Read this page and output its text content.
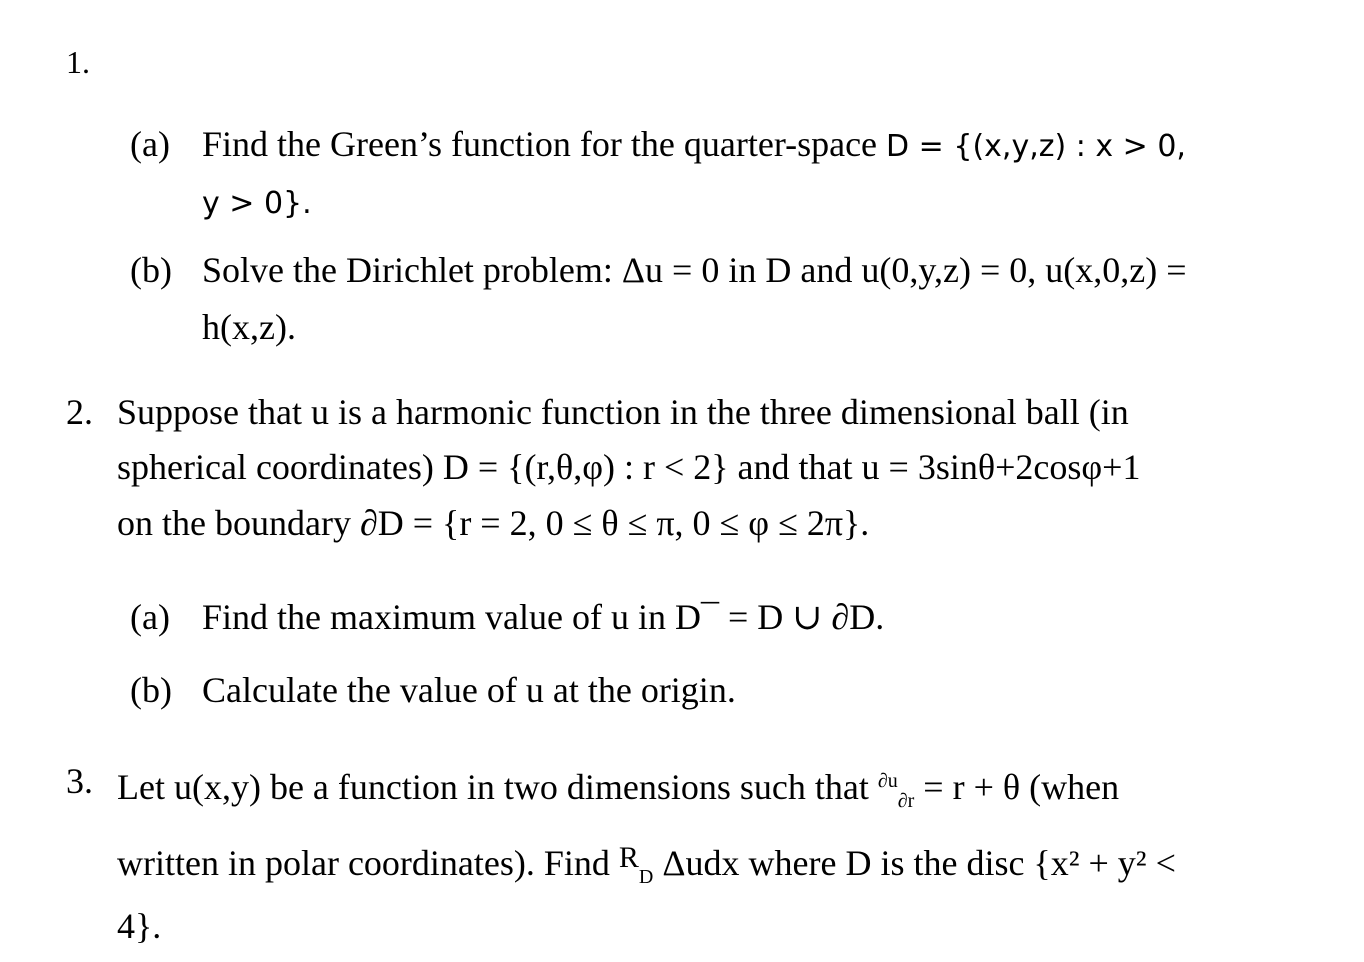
1.
(a) Find the Green’s function for the quarter-space D = {(x,y,z) : x > 0,
y > 0}.
(b) Solve the Dirichlet problem: Δu = 0 in D and u(0,y,z) = 0, u(x,0,z) =
h(x,z).
2. Suppose that u is a harmonic function in the three dimensional ball (in
spherical coordinates) D = {(r,θ,φ) : r < 2} and that u = 3sinθ+2cosφ+1
on the boundary ∂D = {r = 2, 0 ≤ θ ≤ π, 0 ≤ φ ≤ 2π}.
(a) Find the maximum value of u in D¯ = D ∪ ∂D.
(b) Calculate the value of u at the origin.
3. Let u(x,y) be a function in two dimensions such that $^{\partial u}_{\partial r}$ = r + θ (when
written in polar coordinates). Find $^R_D$ Δudx where D is the disc {x² + y² <
4}.
